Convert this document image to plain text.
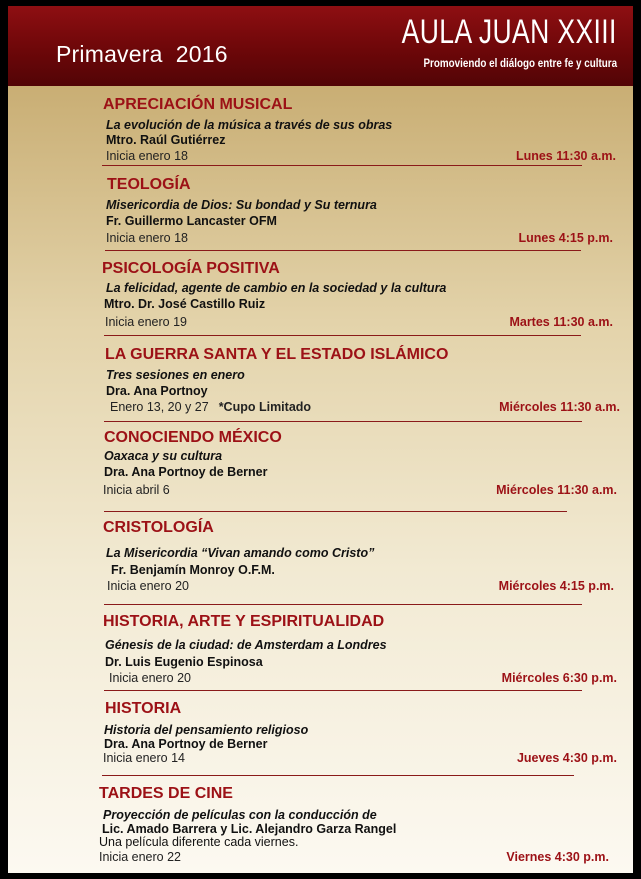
Primavera  2016
AULA JUAN XXIII
Promoviendo el diálogo entre fe y cultura
APRECIACIÓN MUSICAL
La evolución de la música a través de sus obras
Mtro. Raúl Gutiérrez
Inicia enero 18	Lunes 11:30 a.m.
TEOLOGÍA
Misericordia de Dios: Su bondad y Su ternura
Fr. Guillermo Lancaster OFM
Inicia enero 18	Lunes 4:15 p.m.
PSICOLOGÍA POSITIVA
La felicidad, agente de cambio en la sociedad y la cultura
Mtro. Dr. José Castillo Ruiz
Inicia enero 19	Martes 11:30 a.m.
LA GUERRA SANTA Y EL ESTADO ISLÁMICO
Tres sesiones en enero
Dra. Ana Portnoy
Enero 13, 20 y 27 *Cupo Limitado	Miércoles 11:30 a.m.
CONOCIENDO MÉXICO
Oaxaca y su cultura
Dra. Ana Portnoy de Berner
Inicia abril 6	Miércoles 11:30 a.m.
CRISTOLOGÍA
La Misericordia “Vivan amando como Cristo”
Fr. Benjamín Monroy O.F.M.
Inicia enero 20	Miércoles 4:15 p.m.
HISTORIA, ARTE Y ESPIRITUALIDAD
Génesis de la ciudad: de Amsterdam a Londres
Dr. Luis Eugenio Espinosa
Inicia enero 20	Miércoles 6:30 p.m.
HISTORIA
Historia del pensamiento religioso
Dra. Ana Portnoy de Berner
Inicia enero 14	Jueves 4:30 p.m.
TARDES DE CINE
Proyección de películas con la conducción de
Lic. Amado Barrera y Lic. Alejandro Garza Rangel
Una película diferente cada viernes.
Inicia enero 22	Viernes 4:30 p.m.
